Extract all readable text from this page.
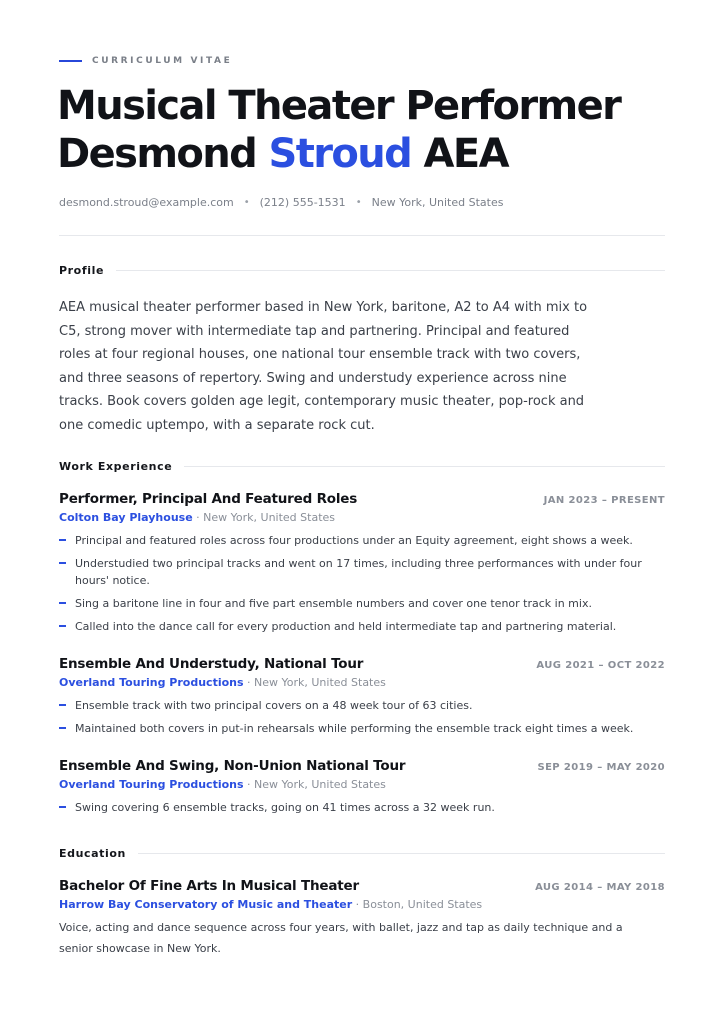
CURRICULUM VITAE
Musical Theater Performer
Desmond Stroud AEA
desmond.stroud@example.com • (212) 555-1531 • New York, United States
Profile
AEA musical theater performer based in New York, baritone, A2 to A4 with mix to C5, strong mover with intermediate tap and partnering. Principal and featured roles at four regional houses, one national tour ensemble track with two covers, and three seasons of repertory. Swing and understudy experience across nine tracks. Book covers golden age legit, contemporary music theater, pop-rock and one comedic uptempo, with a separate rock cut.
Work Experience
Performer, Principal And Featured Roles	JAN 2023 – PRESENT
Colton Bay Playhouse · New York, United States
Principal and featured roles across four productions under an Equity agreement, eight shows a week.
Understudied two principal tracks and went on 17 times, including three performances with under four hours' notice.
Sing a baritone line in four and five part ensemble numbers and cover one tenor track in mix.
Called into the dance call for every production and held intermediate tap and partnering material.
Ensemble And Understudy, National Tour	AUG 2021 – OCT 2022
Overland Touring Productions · New York, United States
Ensemble track with two principal covers on a 48 week tour of 63 cities.
Maintained both covers in put-in rehearsals while performing the ensemble track eight times a week.
Ensemble And Swing, Non-Union National Tour	SEP 2019 – MAY 2020
Overland Touring Productions · New York, United States
Swing covering 6 ensemble tracks, going on 41 times across a 32 week run.
Education
Bachelor Of Fine Arts In Musical Theater	AUG 2014 – MAY 2018
Harrow Bay Conservatory of Music and Theater · Boston, United States
Voice, acting and dance sequence across four years, with ballet, jazz and tap as daily technique and a senior showcase in New York.
